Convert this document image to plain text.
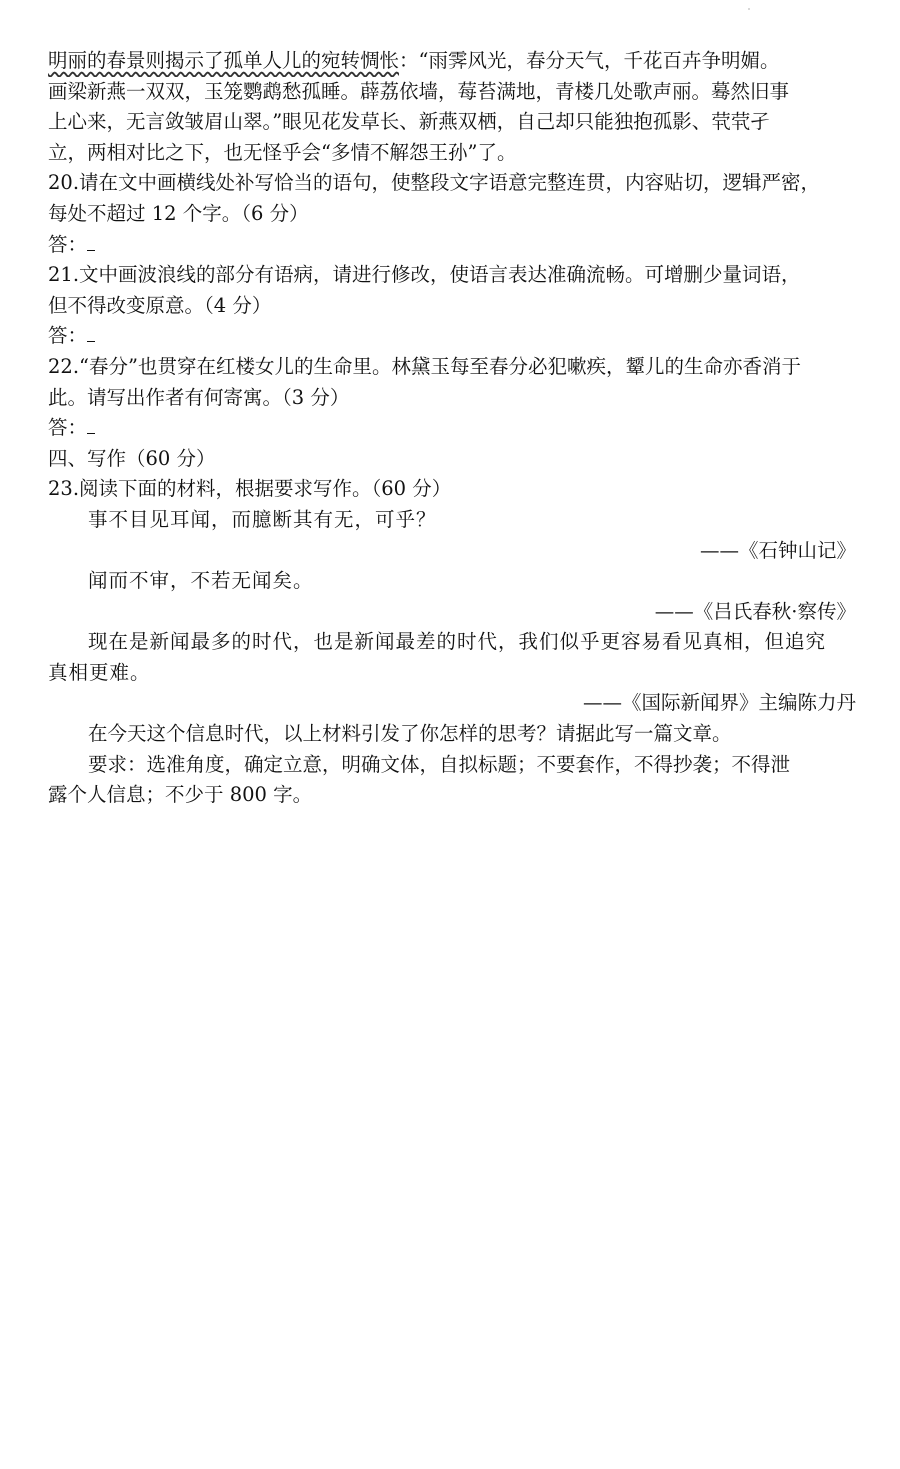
明丽的春景则揭示了孤单人儿的宛转惆怅：“雨霁风光，春分天气，千花百卉争明媚。
画梁新燕一双双，玉笼鹦鹉愁孤睡。薜荔依墙，莓苔满地，青楼几处歌声丽。蓦然旧事
上心来，无言敛皱眉山翠。”眼见花发草长、新燕双栖，自己却只能独抱孤影、茕茕孑
立，两相对比之下，也无怪乎会“多情不解怨王孙”了。
20.请在文中画横线处补写恰当的语句，使整段文字语意完整连贯，内容贴切，逻辑严密，
每处不超过 12 个字。（6 分）
答：
21.文中画波浪线的部分有语病，请进行修改，使语言表达准确流畅。可增删少量词语，
但不得改变原意。（4 分）
答：
22.“春分”也贯穿在红楼女儿的生命里。林黛玉每至春分必犯嗽疾，颦儿的生命亦香消于
此。请写出作者有何寄寓。（3 分）
答：
四、写作（60 分）
23.阅读下面的材料，根据要求写作。（60 分）
事不目见耳闻，而臆断其有无，可乎？
——《石钟山记》
闻而不审，不若无闻矣。
——《吕氏春秋·察传》
现在是新闻最多的时代，也是新闻最差的时代，我们似乎更容易看见真相，但追究
真相更难。
——《国际新闻界》主编陈力丹
在今天这个信息时代，以上材料引发了你怎样的思考？请据此写一篇文章。
要求：选准角度，确定立意，明确文体，自拟标题；不要套作，不得抄袭；不得泄
露个人信息；不少于 800 字。
